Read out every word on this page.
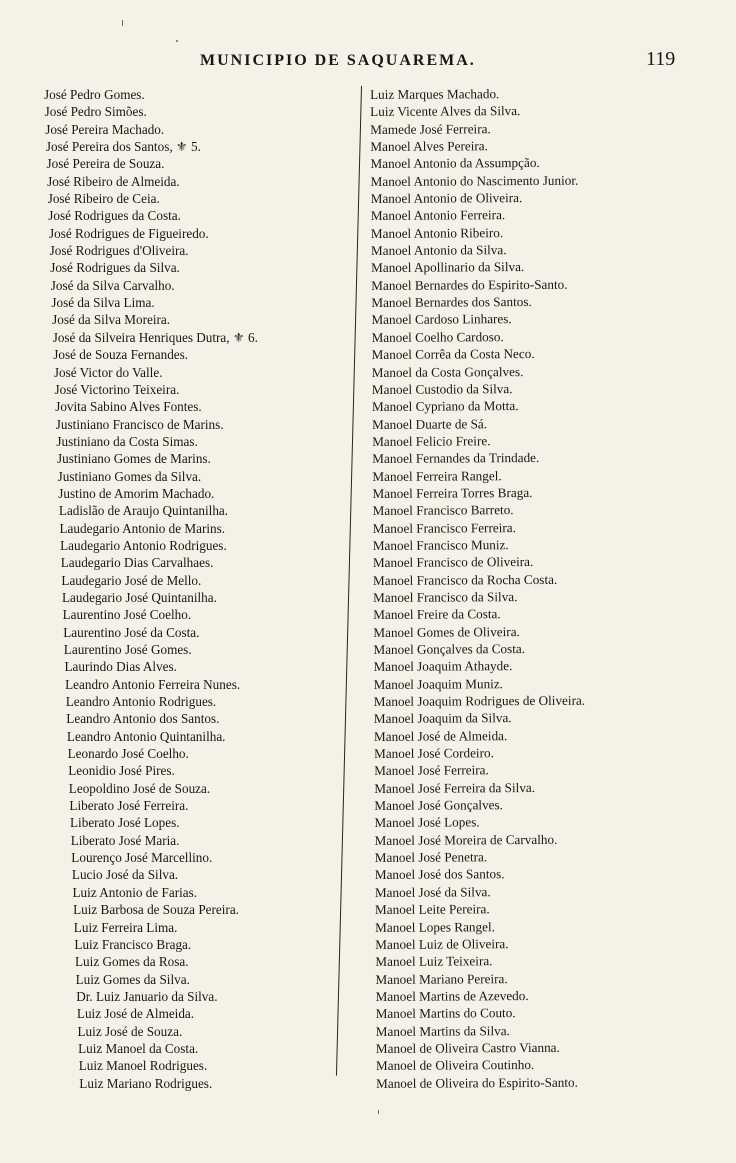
MUNICIPIO DE SAQUAREMA.	119
José Pedro Gomes.
José Pedro Simões.
José Pereira Machado.
José Pereira dos Santos, ⚜ 5.
José Pereira de Souza.
José Ribeiro de Almeida.
José Ribeiro de Ceia.
José Rodrigues da Costa.
José Rodrigues de Figueiredo.
José Rodrigues d'Oliveira.
José Rodrigues da Silva.
José da Silva Carvalho.
José da Silva Lima.
José da Silva Moreira.
José da Silveira Henriques Dutra, ⚜ 6.
José de Souza Fernandes.
José Victor do Valle.
José Victorino Teixeira.
Jovita Sabino Alves Fontes.
Justiniano Francisco de Marins.
Justiniano da Costa Simas.
Justiniano Gomes de Marins.
Justiniano Gomes da Silva.
Justino de Amorim Machado.
Ladislão de Araujo Quintanilha.
Laudegario Antonio de Marins.
Laudegario Antonio Rodrigues.
Laudegario Dias Carvalhaes.
Laudegario José de Mello.
Laudegario José Quintanilha.
Laurentino José Coelho.
Laurentino José da Costa.
Laurentino José Gomes.
Laurindo Dias Alves.
Leandro Antonio Ferreira Nunes.
Leandro Antonio Rodrigues.
Leandro Antonio dos Santos.
Leandro Antonio Quintanilha.
Leonardo José Coelho.
Leonidio José Pires.
Leopoldino José de Souza.
Liberato José Ferreira.
Liberato José Lopes.
Liberato José Maria.
Lourenço José Marcellino.
Lucio José da Silva.
Luiz Antonio de Farias.
Luiz Barbosa de Souza Pereira.
Luiz Ferreira Lima.
Luiz Francisco Braga.
Luiz Gomes da Rosa.
Luiz Gomes da Silva.
Dr. Luiz Januario da Silva.
Luiz José de Almeida.
Luiz José de Souza.
Luiz Manoel da Costa.
Luiz Manoel Rodrigues.
Luiz Mariano Rodrigues.
Luiz Marques Machado.
Luiz Vicente Alves da Silva.
Mamede José Ferreira.
Manoel Alves Pereira.
Manoel Antonio da Assumpção.
Manoel Antonio do Nascimento Junior.
Manoel Antonio de Oliveira.
Manoel Antonio Ferreira.
Manoel Antonio Ribeiro.
Manoel Antonio da Silva.
Manoel Apollinario da Silva.
Manoel Bernardes do Espirito-Santo.
Manoel Bernardes dos Santos.
Manoel Cardoso Linhares.
Manoel Coelho Cardoso.
Manoel Corrêa da Costa Neco.
Manoel da Costa Gonçalves.
Manoel Custodio da Silva.
Manoel Cypriano da Motta.
Manoel Duarte de Sá.
Manoel Felicio Freire.
Manoel Fernandes da Trindade.
Manoel Ferreira Rangel.
Manoel Ferreira Torres Braga.
Manoel Francisco Barreto.
Manoel Francisco Ferreira.
Manoel Francisco Muniz.
Manoel Francisco de Oliveira.
Manoel Francisco da Rocha Costa.
Manoel Francisco da Silva.
Manoel Freire da Costa.
Manoel Gomes de Oliveira.
Manoel Gonçalves da Costa.
Manoel Joaquim Athayde.
Manoel Joaquim Muniz.
Manoel Joaquim Rodrigues de Oliveira.
Manoel Joaquim da Silva.
Manoel José de Almeida.
Manoel José Cordeiro.
Manoel José Ferreira.
Manoel José Ferreira da Silva.
Manoel José Gonçalves.
Manoel José Lopes.
Manoel José Moreira de Carvalho.
Manoel José Penetra.
Manoel José dos Santos.
Manoel José da Silva.
Manoel Leite Pereira.
Manoel Lopes Rangel.
Manoel Luiz de Oliveira.
Manoel Luiz Teixeira.
Manoel Mariano Pereira.
Manoel Martins de Azevedo.
Manoel Martins do Couto.
Manoel Martins da Silva.
Manoel de Oliveira Castro Vianna.
Manoel de Oliveira Coutinho.
Manoel de Oliveira do Espirito-Santo.
